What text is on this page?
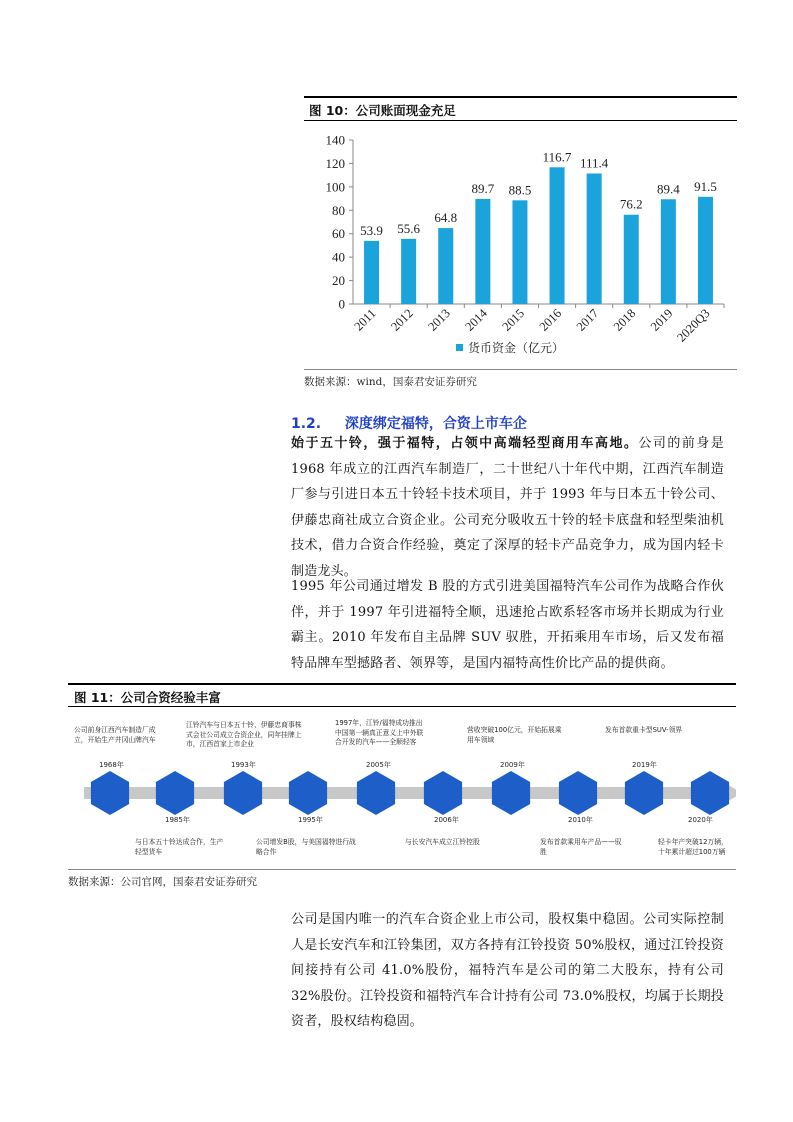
图 10：公司账面现金充足
0
20
40
60
80
100
120
140
53.9
2011
55.6
2012
64.8
2013
89.7
2014
88.5
2015
116.7
2016
111.4
2017
76.2
2018
89.4
2019
91.5
2020Q3
货币资金（亿元）
数据来源：wind，国泰君安证券研究
1.2. 深度绑定福特，合资上市车企
始于五十铃，强于福特，占领中高端轻型商用车高地。公司的前身是 1968 年成立的江西汽车制造厂，二十世纪八十年代中期，江西汽车制造厂参与引进日本五十铃轻卡技术项目，并于 1993 年与日本五十铃公司、伊藤忠商社成立合资企业。公司充分吸收五十铃的轻卡底盘和轻型柴油机技术，借力合资合作经验，奠定了深厚的轻卡产品竞争力，成为国内轻卡制造龙头。
1995 年公司通过增发 B 股的方式引进美国福特汽车公司作为战略合作伙伴，并于 1997 年引进福特全顺，迅速抢占欧系轻客市场并长期成为行业霸主。2010 年发布自主品牌 SUV 驭胜，开拓乘用车市场，后又发布福特品牌车型撼路者、领界等，是国内福特高性价比产品的提供商。
图 11：公司合资经验丰富
公司前身江西汽车制造厂成立，开始生产井冈山牌汽车
1968年
江铃汽车与日本五十铃、伊藤忠商事株式会社公司成立合资企业，同年挂牌上市，江西首家上市企业
1993年
1997年，江铃/福特成功推出中国第一辆真正意义上中外联合开发的汽车——全顺轻客
2005年
营收突破100亿元，开始拓展乘用车领域
2009年
发布首款重卡型SUV-领界
2019年
1985年
与日本五十铃达成合作，生产轻型货车
1995年
公司增发B股，与美国福特进行战略合作
2006年
与长安汽车成立江铃控股
2010年
发布首款乘用车产品——驭胜
2020年
轻卡年产突破12万辆，十年累计超过100万辆
数据来源：公司官网，国泰君安证券研究
公司是国内唯一的汽车合资企业上市公司，股权集中稳固。公司实际控制人是长安汽车和江铃集团，双方各持有江铃投资 50%股权，通过江铃投资间接持有公司 41.0%股份，福特汽车是公司的第二大股东，持有公司 32%股份。江铃投资和福特汽车合计持有公司 73.0%股权，均属于长期投资者，股权结构稳固。
